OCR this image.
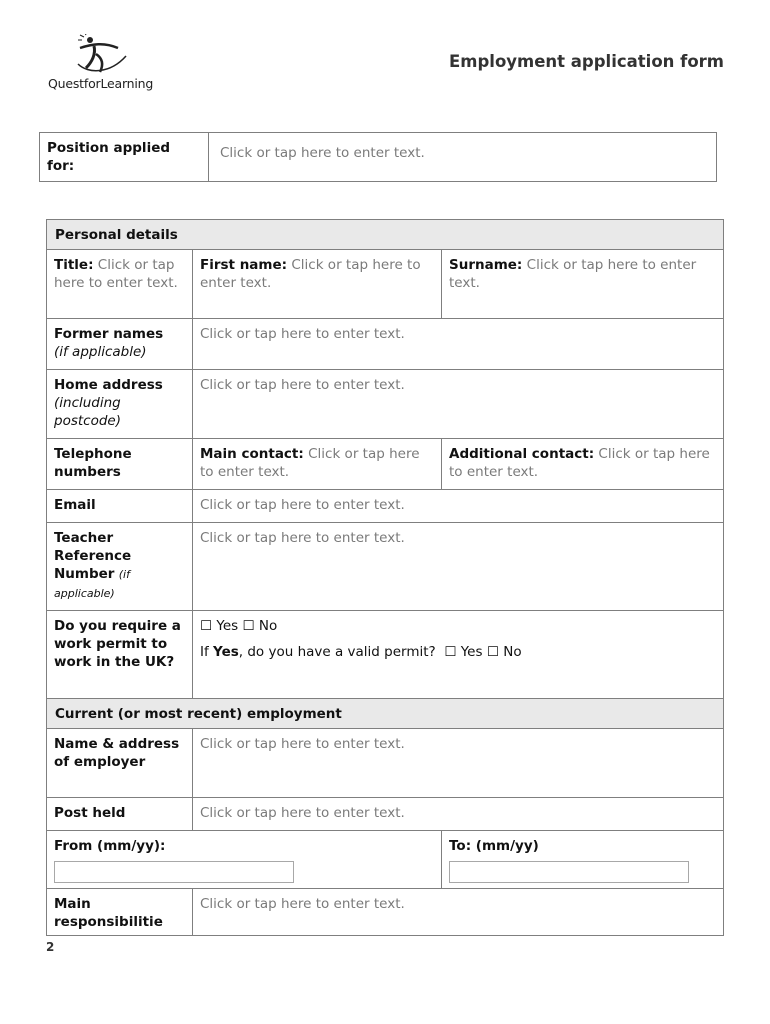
QuestforLearning
Employment application form
Position applied for:	Click or tap here to enter text.
Personal details		
Title: Click or tap here to enter text.	First name: Click or tap here to enter text.	Surname: Click or tap here to enter text.
Former names
(if applicable)	Click or tap here to enter text.	
Home address
(including postcode)	Click or tap here to enter text.	
Telephone numbers	Main contact: Click or tap here to enter text.	Additional contact: Click or tap here to enter text.
Email	Click or tap here to enter text.	
Teacher Reference Number (if applicable)	Click or tap here to enter text.	
Do you require a work permit to work in the UK?	☐ Yes ☐ No
If Yes, do you have a valid permit? ☐ Yes ☐ No	

Current (or most recent) employment		
Name & address of employer	Click or tap here to enter text.	
Post held	Click or tap here to enter text.	
From (mm/yy):		To: (mm/yy)

Main responsibilitie	Click or tap here to enter text.	
2
